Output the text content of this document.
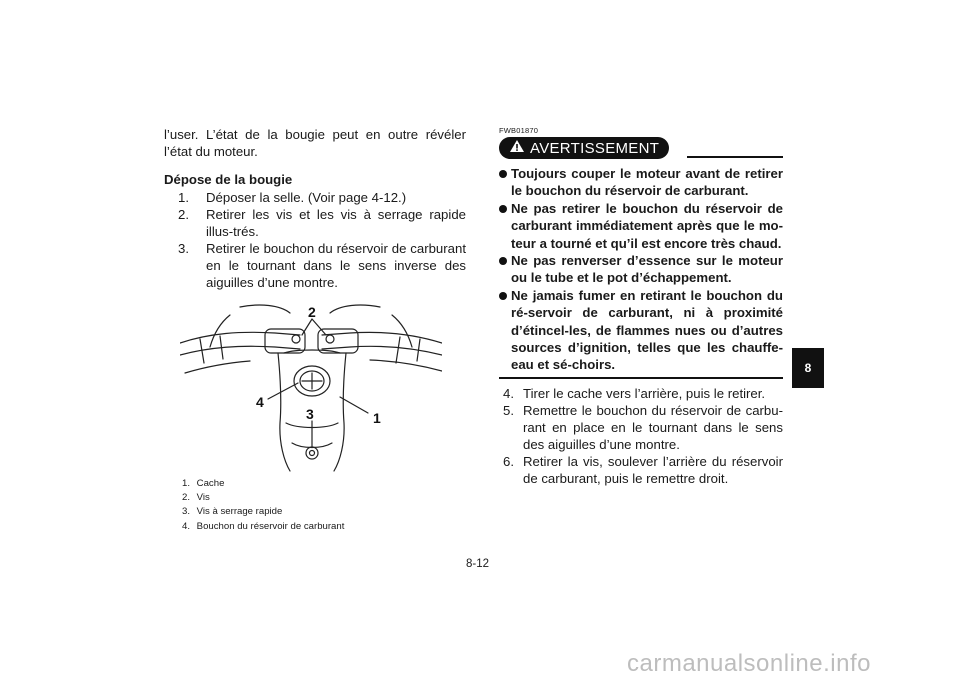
l’user. L’état de la bougie peut en outre révéler l’état du moteur.

Dépose de la bougie

1. Déposer la selle. (Voir page 4-12.)
2. Retirer les vis et les vis à serrage rapide illus-trés.
3. Retirer le bouchon du réservoir de carburant en le tournant dans le sens inverse des aiguilles d’une montre.
2
4
3	1
1. Cache
2. Vis
3. Vis à serrage rapide
4. Bouchon du réservoir de carburant
FWB01870
AVERTISSEMENT
Toujours couper le moteur avant de retirer le bouchon du réservoir de carburant.
Ne pas retirer le bouchon du réservoir de carburant immédiatement après que le mo-teur a tourné et qu’il est encore très chaud.
Ne pas renverser d’essence sur le moteur ou le tube et le pot d’échappement.
Ne jamais fumer en retirant le bouchon du ré-servoir de carburant, ni à proximité d’étincel-les, de flammes nues ou d’autres sources d’ignition, telles que les chauffe-eau et sé-choirs.
4. Tirer le cache vers l’arrière, puis le retirer.
5. Remettre le bouchon du réservoir de carbu-rant en place en le tournant dans le sens des aiguilles d’une montre.
6. Retirer la vis, soulever l’arrière du réservoir de carburant, puis le remettre droit.
8-12
8
carmanualsonline.info
